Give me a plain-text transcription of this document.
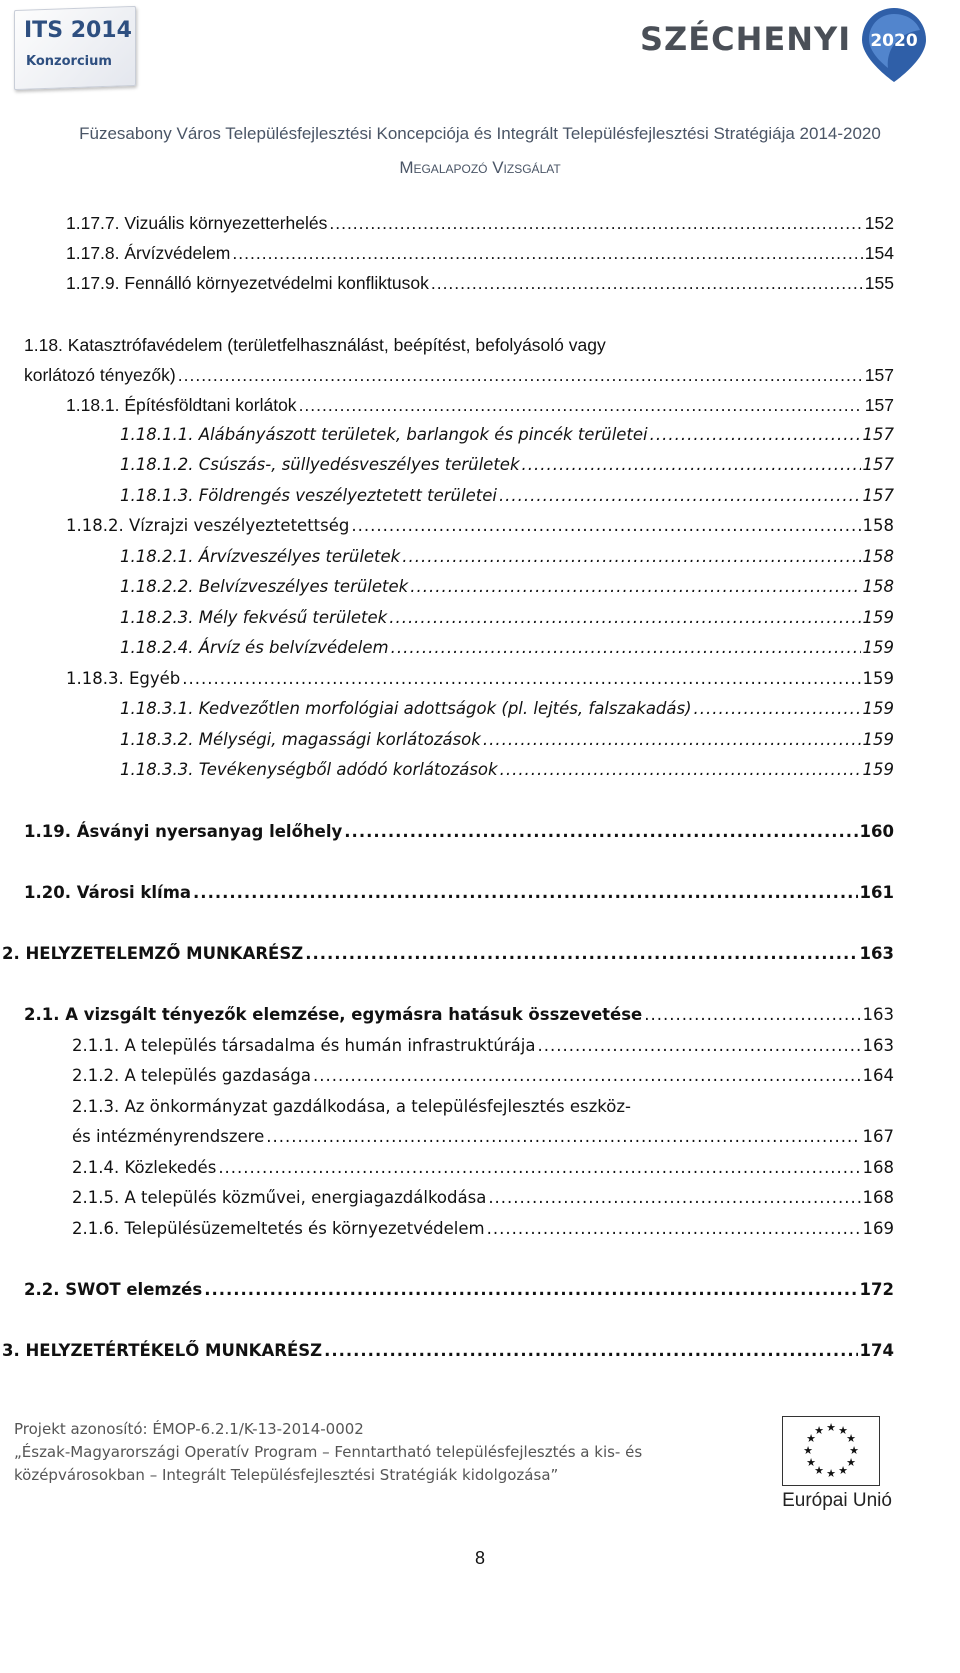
ITS 2014
Konzorcium
SZÉCHENYI 2020
Füzesabony Város Településfejlesztési Koncepciója és Integrált Településfejlesztési Stratégiája 2014-2020
Megalapozó Vizsgálat
1.17.7. Vizuális környezetterhelés .....	152
1.17.8. Árvízvédelem .....	154
1.17.9. Fennálló környezetvédelmi konfliktusok .....	155
1.18. Katasztrófavédelem (területfelhasználást, beépítést, befolyásoló vagy
korlátozó tényezők) .....	157
1.18.1. Építésföldtani korlátok .....	157
1.18.1.1. Alábányászott területek, barlangok és pincék területei .....	157
1.18.1.2. Csúszás-, süllyedésveszélyes területek .....	157
1.18.1.3. Földrengés veszélyeztetett területei .....	157
1.18.2. Vízrajzi veszélyeztetettség .....	158
1.18.2.1. Árvízveszélyes területek .....	158
1.18.2.2. Belvízveszélyes területek .....	158
1.18.2.3. Mély fekvésű területek .....	159
1.18.2.4. Árvíz és belvízvédelem .....	159
1.18.3. Egyéb .....	159
1.18.3.1. Kedvezőtlen morfológiai adottságok (pl. lejtés, falszakadás) .....	159
1.18.3.2. Mélységi, magassági korlátozások .....	159
1.18.3.3. Tevékenységből adódó korlátozások .....	159
1.19. Ásványi nyersanyag lelőhely .....	160
1.20. Városi klíma .....	161
2. HELYZETELEMZŐ MUNKARÉSZ .....	163
2.1. A vizsgált tényezők elemzése, egymásra hatásuk összevetése .....	163
2.1.1. A település társadalma és humán infrastruktúrája .....	163
2.1.2. A település gazdasága .....	164
2.1.3. Az önkormányzat gazdálkodása, a településfejlesztés eszköz-
és intézményrendszere .....	167
2.1.4. Közlekedés .....	168
2.1.5. A település közművei, energiagazdálkodása .....	168
2.1.6. Településüzemeltetés és környezetvédelem .....	169
2.2. SWOT elemzés .....	172
3. HELYZETÉRTÉKELŐ MUNKARÉSZ .....	174
Projekt azonosító: ÉMOP-6.2.1/K-13-2014-0002
„Észak-Magyarországi Operatív Program – Fenntartható településfejlesztés a kis- és
középvárosokban – Integrált Településfejlesztési Stratégiák kidolgozása”
★ ★
★
★
★
★
★
★
★
★
★
★
Európai Unió
8
